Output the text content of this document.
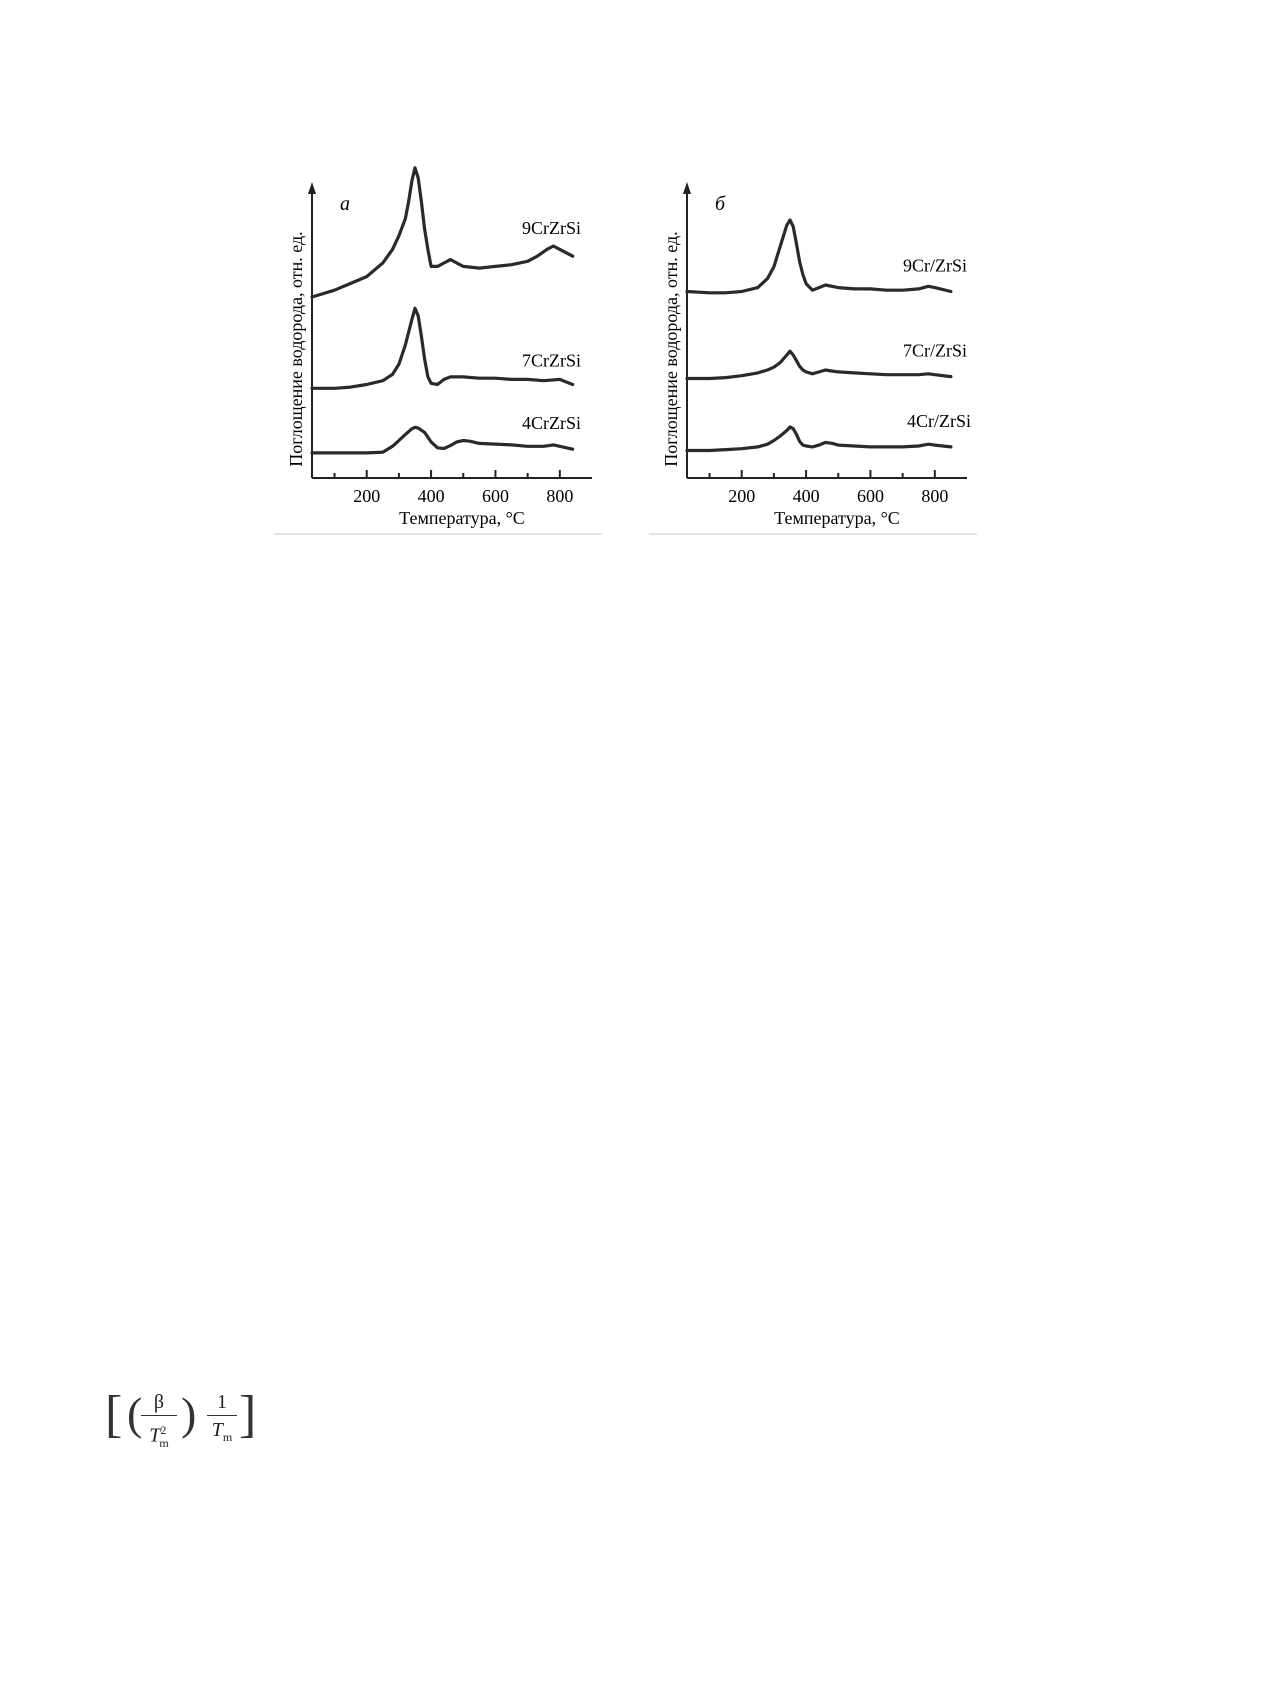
200 400 600 800
Температура, °С
Поглощение водорода, отн. ед.
а
9CrZrSi
7CrZrSi
4CrZrSi
200 400 600 800
Температура, °С
Поглощение водорода, отн. ед.
б
9Cr/ZrSi
7Cr/ZrSi
4Cr/ZrSi
[ ( β
$T^2_m$
)	1
$T_m$ ]
